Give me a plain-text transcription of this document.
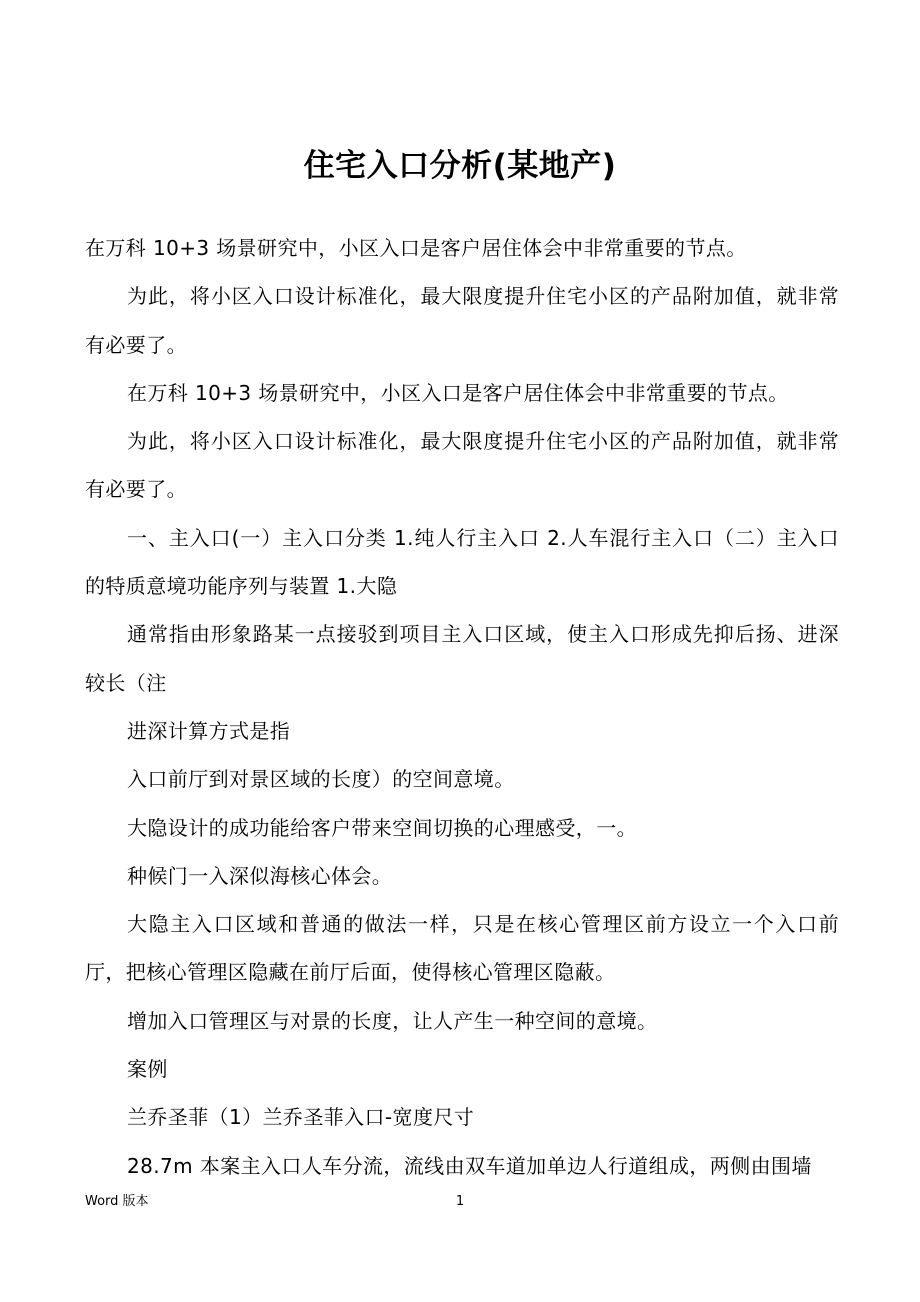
住宅入口分析(某地产)

在万科 10+3 场景研究中，小区入口是客户居住体会中非常重要的节点。

为此，将小区入口设计标准化，最大限度提升住宅小区的产品附加值，就非常有必要了。

在万科 10+3 场景研究中，小区入口是客户居住体会中非常重要的节点。

为此，将小区入口设计标准化，最大限度提升住宅小区的产品附加值，就非常有必要了。

一、主入口(一）主入口分类 1.纯人行主入口 2.人车混行主入口（二）主入口的特质意境功能序列与装置 1.大隐

通常指由形象路某一点接驳到项目主入口区域，使主入口形成先抑后扬、进深较长（注

进深计算方式是指

入口前厅到对景区域的长度）的空间意境。

大隐设计的成功能给客户带来空间切换的心理感受，一。

种候门一入深似海核心体会。

大隐主入口区域和普通的做法一样，只是在核心管理区前方设立一个入口前厅，把核心管理区隐藏在前厅后面，使得核心管理区隐蔽。

增加入口管理区与对景的长度，让人产生一种空间的意境。

案例

兰乔圣菲（1）兰乔圣菲入口-宽度尺寸

28.7m 本案主入口人车分流，流线由双车道加单边人行道组成，两侧由围墙

Word 版本	1
